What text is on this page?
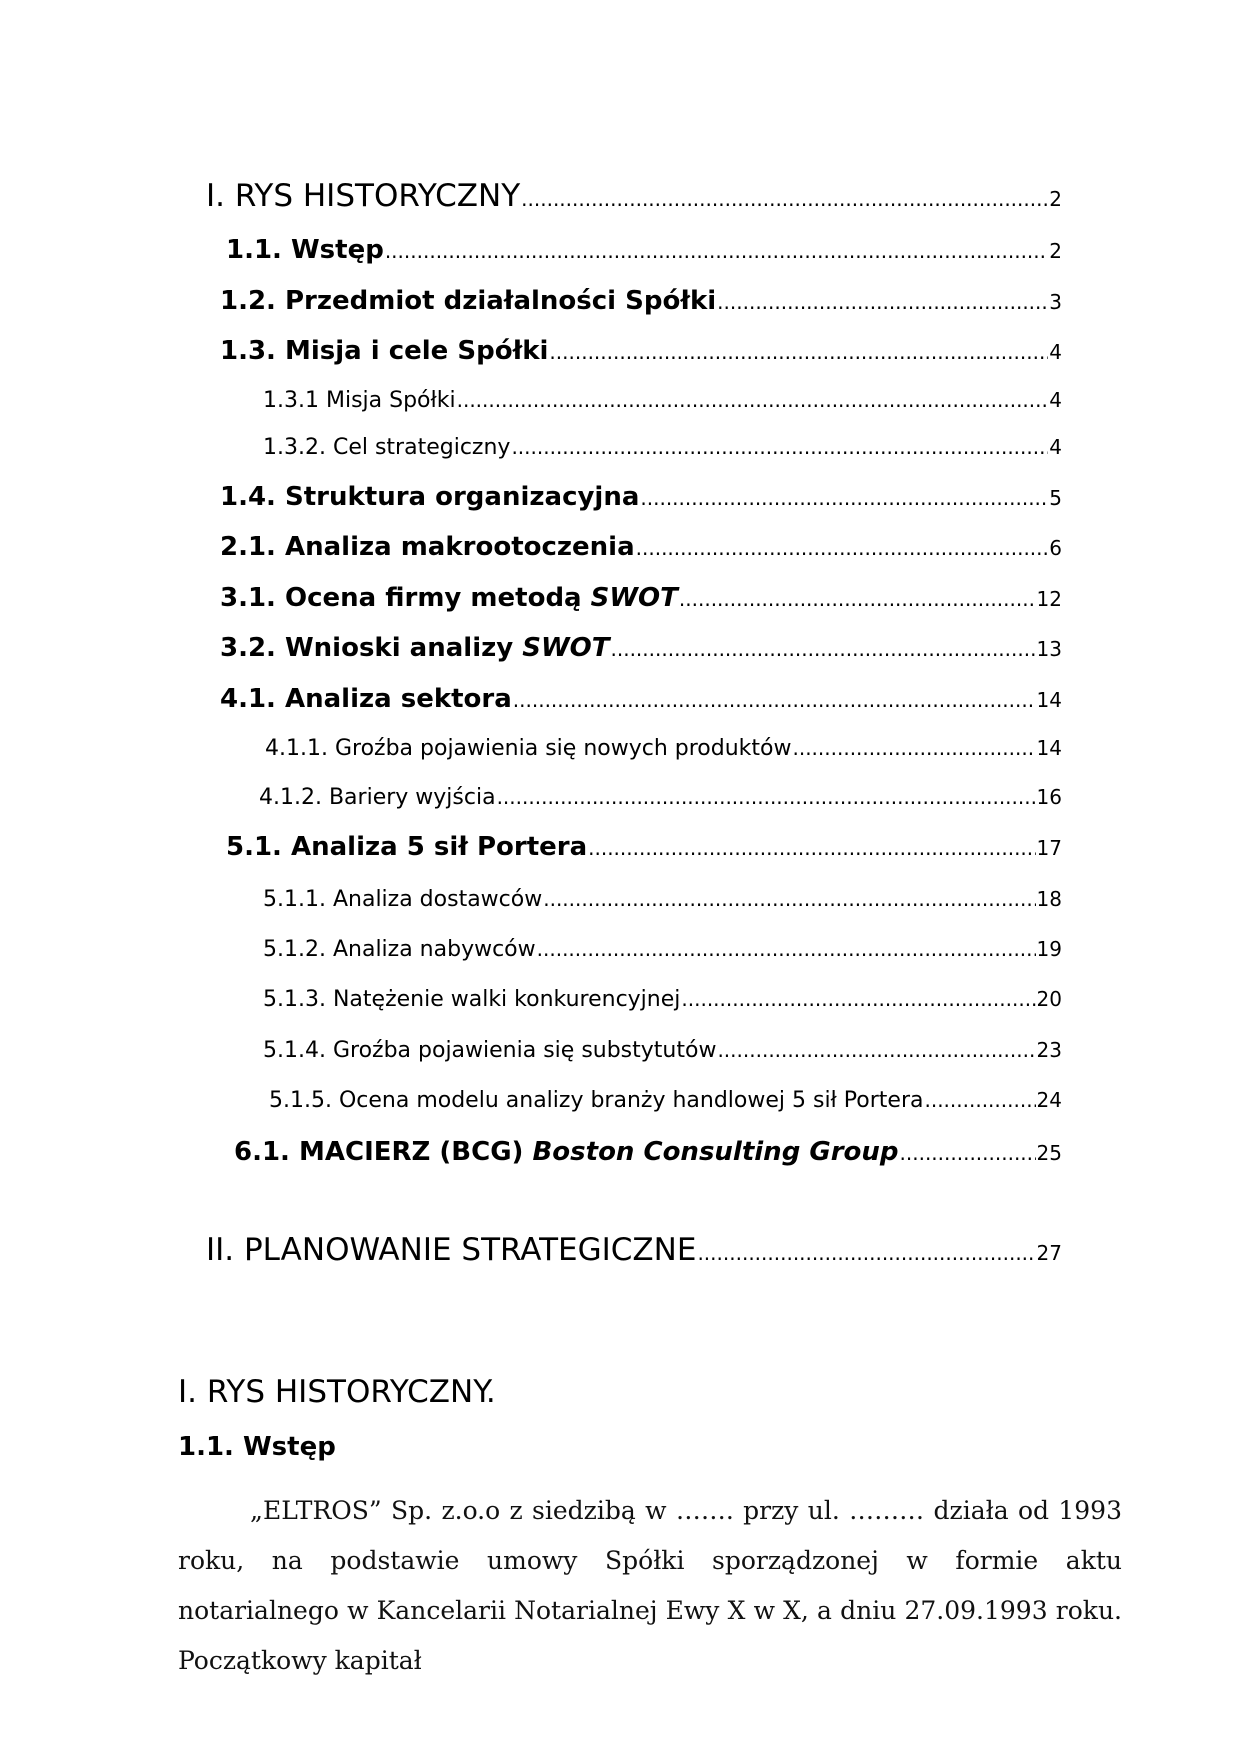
I. RYS HISTORYCZNY .....	2
1.1. Wstęp .....	2
1.2. Przedmiot działalności Spółki .....	3
1.3. Misja i cele Spółki .....	4
1.3.1 Misja Spółki .....	4
1.3.2. Cel strategiczny .....	4
1.4. Struktura organizacyjna .....	5
2.1. Analiza makrootoczenia .....	6
3.1. Ocena firmy metodą SWOT .....	12
3.2. Wnioski analizy SWOT .....	13
4.1. Analiza sektora .....	14
4.1.1. Groźba pojawienia się nowych produktów .....	14
4.1.2. Bariery wyjścia .....	16
5.1. Analiza 5 sił Portera .....	17
5.1.1. Analiza dostawców .....	18
5.1.2. Analiza nabywców .....	19
5.1.3. Natężenie walki konkurencyjnej .....	20
5.1.4. Groźba pojawienia się substytutów .....	23
5.1.5. Ocena modelu analizy branży handlowej 5 sił Portera .....	24
6.1. MACIERZ (BCG) Boston Consulting Group .....	25
II. PLANOWANIE STRATEGICZNE .....	27
I. RYS HISTORYCZNY.
1.1. Wstęp

„ELTROS” Sp. z.o.o z siedzibą w ……. przy ul. ……… działa od 1993 roku, na podstawie umowy Spółki sporządzonej w formie aktu notarialnego w Kancelarii Notarialnej Ewy X w X, a dniu 27.09.1993 roku. Początkowy kapitał
